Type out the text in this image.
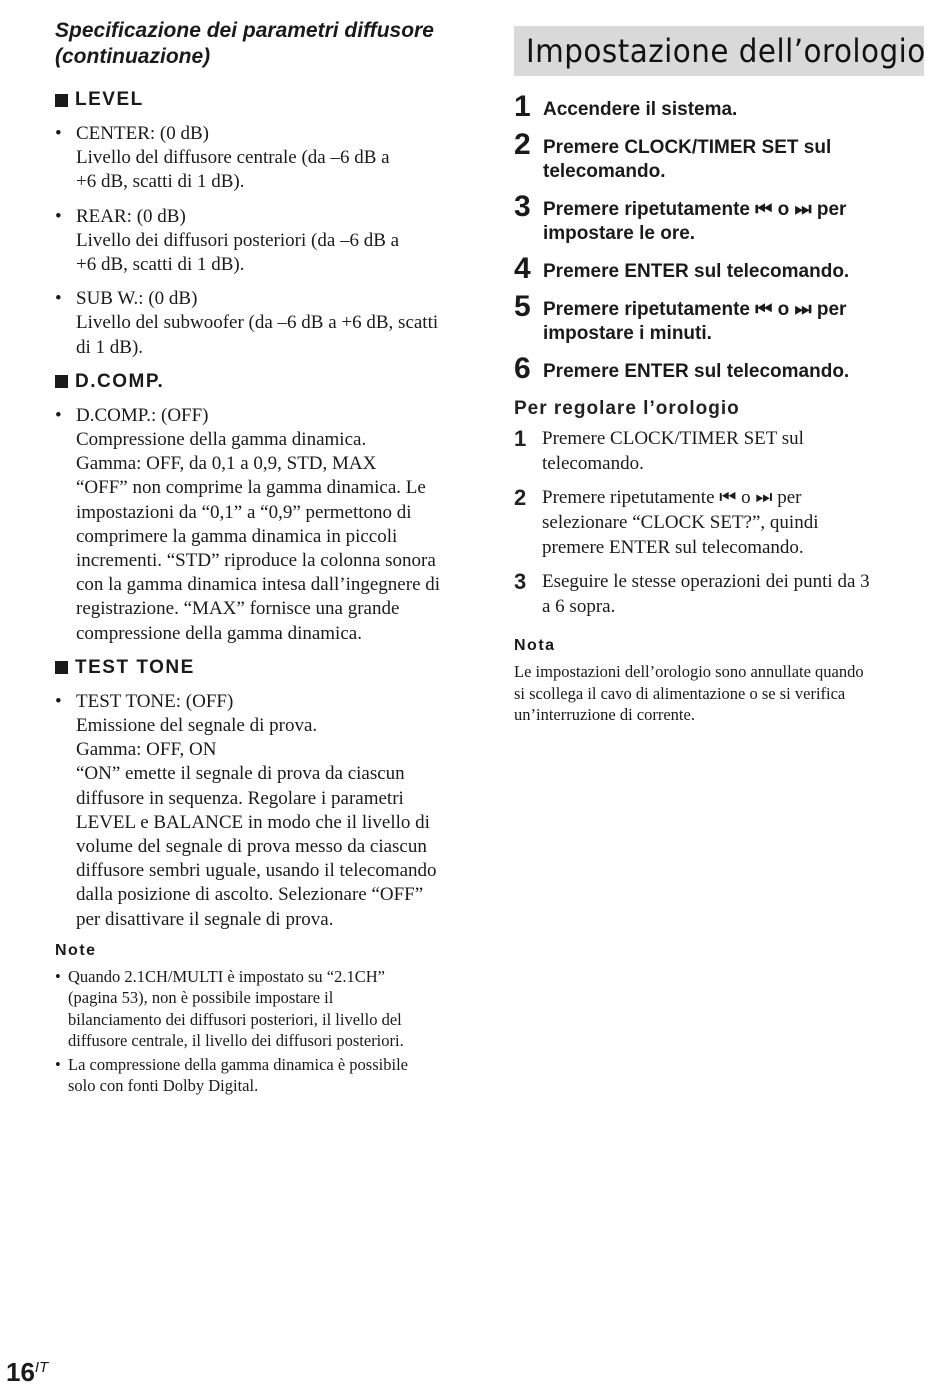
Specificazione dei parametri diffusore (continuazione)
LEVEL
• CENTER: (0 dB)
Livello del diffusore centrale (da –6 dB a
+6 dB, scatti di 1 dB).
• REAR: (0 dB)
Livello dei diffusori posteriori (da –6 dB a
+6 dB, scatti di 1 dB).
• SUB W.: (0 dB)
Livello del subwoofer (da –6 dB a +6 dB, scatti
di 1 dB).
D.COMP.
• D.COMP.: (OFF)
Compressione della gamma dinamica.
Gamma: OFF, da 0,1 a 0,9, STD, MAX
“OFF” non comprime la gamma dinamica. Le
impostazioni da “0,1” a “0,9” permettono di
comprimere la gamma dinamica in piccoli
incrementi. “STD” riproduce la colonna sonora
con la gamma dinamica intesa dall’ingegnere di
registrazione. “MAX” fornisce una grande
compressione della gamma dinamica.
TEST TONE
• TEST TONE: (OFF)
Emissione del segnale di prova.
Gamma: OFF, ON
“ON” emette il segnale di prova da ciascun
diffusore in sequenza. Regolare i parametri
LEVEL e BALANCE in modo che il livello di
volume del segnale di prova messo da ciascun
diffusore sembri uguale, usando il telecomando
dalla posizione di ascolto. Selezionare “OFF”
per disattivare il segnale di prova.
Note
• Quando 2.1CH/MULTI è impostato su “2.1CH”
(pagina 53), non è possibile impostare il
bilanciamento dei diffusori posteriori, il livello del
diffusore centrale, il livello dei diffusori posteriori.
• La compressione della gamma dinamica è possibile
solo con fonti Dolby Digital.
Impostazione dell’orologio
1 Accendere il sistema.
2 Premere CLOCK/TIMER SET sul
telecomando.
3 Premere ripetutamente ⏮ o ⏭ per
impostare le ore.
4 Premere ENTER sul telecomando.
5 Premere ripetutamente ⏮ o ⏭ per
impostare i minuti.
6 Premere ENTER sul telecomando.
Per regolare l’orologio
1 Premere CLOCK/TIMER SET sul
telecomando.
2 Premere ripetutamente ⏮ o ⏭ per
selezionare “CLOCK SET?”, quindi
premere ENTER sul telecomando.
3 Eseguire le stesse operazioni dei punti da 3
a 6 sopra.
Nota
Le impostazioni dell’orologio sono annullate quando
si scollega il cavo di alimentazione o se si verifica
un’interruzione di corrente.
$16^{IT}$
